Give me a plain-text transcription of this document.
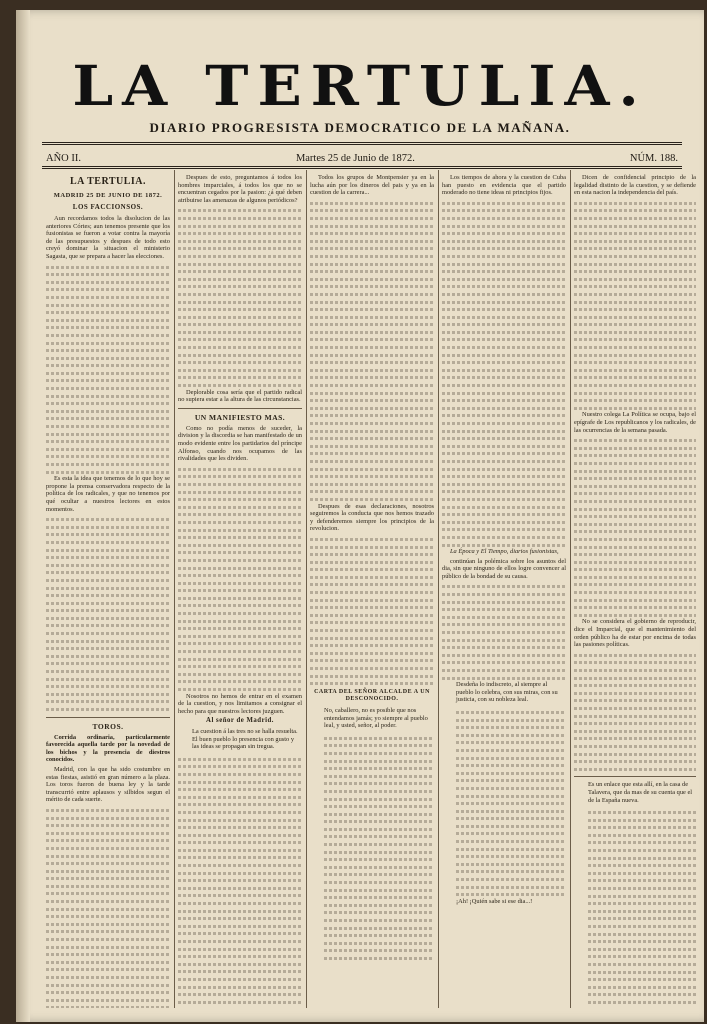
LA TERTULIA.
DIARIO PROGRESISTA DEMOCRATICO DE LA MAÑANA.
AÑO II.	Martes 25 de Junio de 1872.	NÚM. 188.
LA TERTULIA.
MADRID 25 DE JUNIO DE 1872.
LOS FACCIONSOS.

Aun recordamos todos la disolucion de las anteriores Córtes; aun tenemos presente que los fusionistas se fueron a votar contra la mayoría de las presupuestos y despues de todo esto creyó dominar la situacion el ministerio Sagasta, que se prepara a hacer las elecciones.

Es esta la idea que tenemos de lo que hoy se propone la prensa conservadora respecto de la política de los radicales, y que no tenemos por qué ocultar a nuestros lectores en estos momentos.

TOROS.

Corrida ordinaria, particularmente favorecida aquella tarde por la novedad de los bichos y la presencia de diestros conocidos.

Madrid, con la que ha sido costumbre en estas fiestas, asistió en gran número a la plaza. Los toros fueron de buena ley y la tarde transcurrió entre aplausos y silbidos segun el mérito de cada suerte.

Despues de esto, preguntamos á todos los hombres imparciales, á todos los que no se encuentran cegados por la pasion: ¿á qué deben atribuirse las amenazas de algunos periódicos?

Deplorable cosa sería que el partido radical no supiera estar a la altura de las circunstancias.

UN MANIFIESTO MAS.

Como no podía menos de suceder, la division y la discordia se han manifestado de un modo evidente entre los partidarios del príncipe Alfonso, cuando nos ocupamos de las rivalidades que les dividen.

Nosotros no hemos de entrar en el examen de la cuestion, y nos limitamos a consignar el hecho para que nuestros lectores juzguen.

Al señor de Madrid.

La cuestion á las tres no se halla resuelta. El buen pueblo lo presencia con gusto y las ideas se propagan sin tregua.

Todos los grupos de Montpensier ya en la lucha aún por los dineros del pais y ya en la cuestion de la carrera...

Despues de esas declaraciones, nosotros seguiremos la conducta que nos hemos trazado y defenderemos siempre los principios de la revolucion.

CARTA DEL SEÑOR ALCALDE A UN DESCONOCIDO.

No, caballero, no es posible que nos entendamos jamás; yo siempre al pueblo leal, y usted, señor, al poder.

Los tiempos de ahora y la cuestion de Cuba han puesto en evidencia que el partido moderado no tiene ideas ni principios fijos.

La Época y El Tiempo, diarios fusionistas,

continúan la polémica sobre los asuntos del dia, sin que ninguno de ellos logre convencer al público de la bondad de su causa.

Desdeña lo indiscreto, al siempre al pueblo lo celebra, con sus miras, con su justicia, con su nobleza leal.

¡Ah! ¡Quién sabe si ese dia...!

Dicen de confidencial principio de la legalidad distinto de la cuestion, y se defiende en esta nacion la independencia del país.

Nuestro colega La Política se ocupa, bajo el epígrafe de Los republicanos y los radicales, de las ocurrencias de la semana pasada.

No se considera el gobierno de reproducir, dice el Imparcial, que el mantenimiento del orden público ha de estar por encima de todas las pasiones políticas.

Es un enlace que esta allí, en la casa de Talavera, que da mas de su cuenta que el de la España nueva.
